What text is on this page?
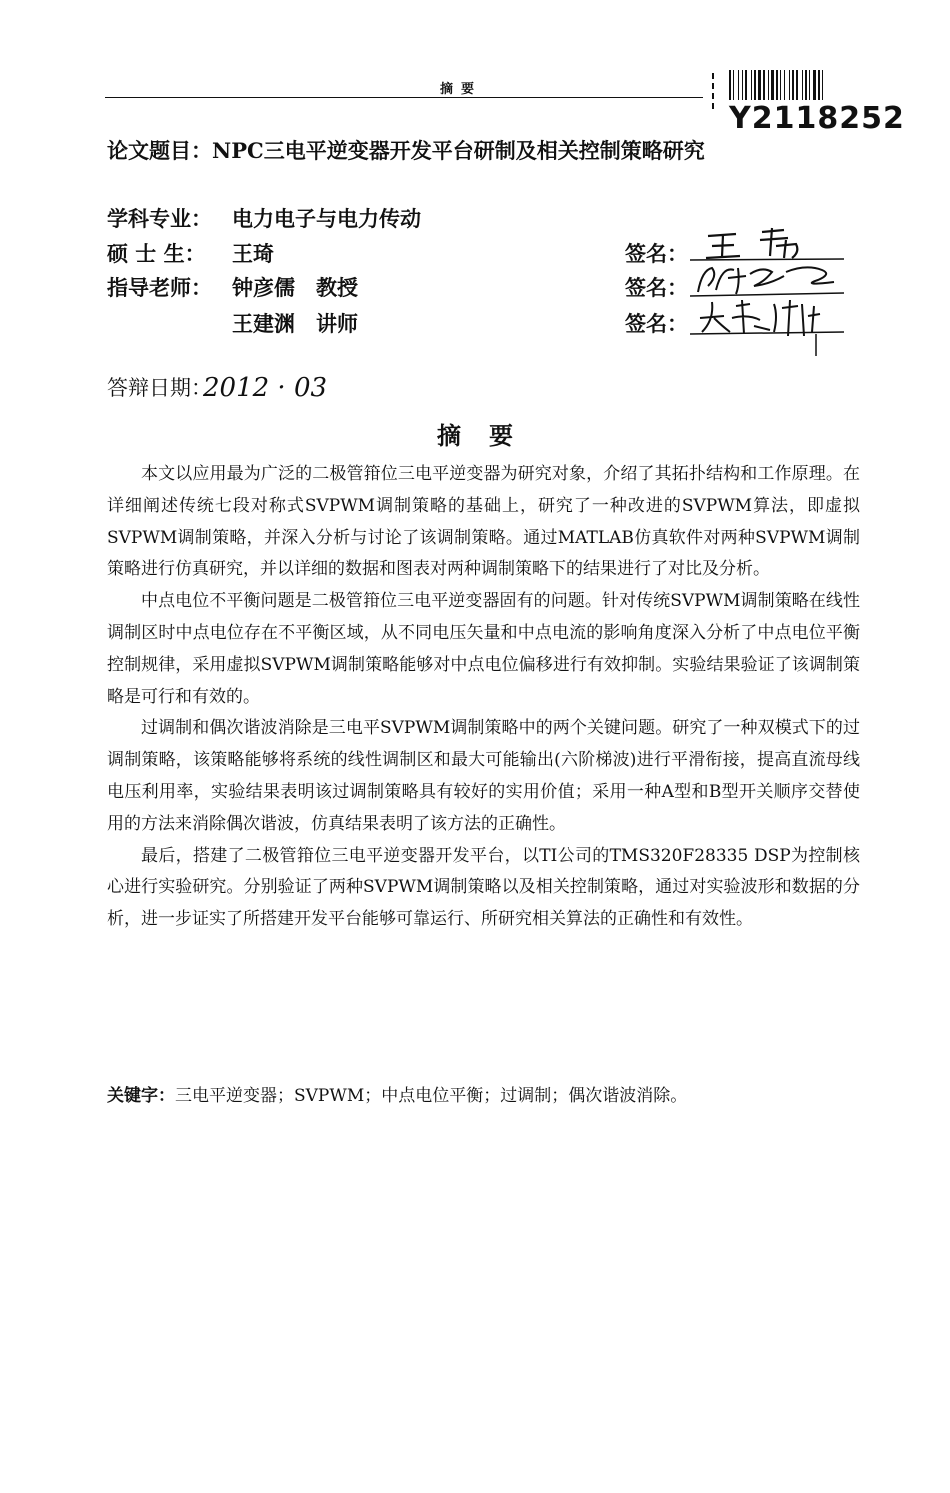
摘要
Y2118252
论文题目：NPC三电平逆变器开发平台研制及相关控制策略研究
学科专业： 电力电子与电力传动
硕 士 生： 王琦
指导老师： 钟彦儒　教授
王建渊　讲师
签名：
签名：
签名：
答辩日期：
2012 · 03
摘要

本文以应用最为广泛的二极管箝位三电平逆变器为研究对象，介绍了其拓扑结构和工作原理。在详细阐述传统七段对称式SVPWM调制策略的基础上，研究了一种改进的SVPWM算法，即虚拟SVPWM调制策略，并深入分析与讨论了该调制策略。通过MATLAB仿真软件对两种SVPWM调制策略进行仿真研究，并以详细的数据和图表对两种调制策略下的结果进行了对比及分析。

中点电位不平衡问题是二极管箝位三电平逆变器固有的问题。针对传统SVPWM调制策略在线性调制区时中点电位存在不平衡区域，从不同电压矢量和中点电流的影响角度深入分析了中点电位平衡控制规律，采用虚拟SVPWM调制策略能够对中点电位偏移进行有效抑制。实验结果验证了该调制策略是可行和有效的。

过调制和偶次谐波消除是三电平SVPWM调制策略中的两个关键问题。研究了一种双模式下的过调制策略，该策略能够将系统的线性调制区和最大可能输出(六阶梯波)进行平滑衔接，提高直流母线电压利用率，实验结果表明该过调制策略具有较好的实用价值；采用一种A型和B型开关顺序交替使用的方法来消除偶次谐波，仿真结果表明了该方法的正确性。

最后，搭建了二极管箝位三电平逆变器开发平台，以TI公司的TMS320F28335 DSP为控制核心进行实验研究。分别验证了两种SVPWM调制策略以及相关控制策略，通过对实验波形和数据的分析，进一步证实了所搭建开发平台能够可靠运行、所研究相关算法的正确性和有效性。

关键字：三电平逆变器；SVPWM；中点电位平衡；过调制；偶次谐波消除。
